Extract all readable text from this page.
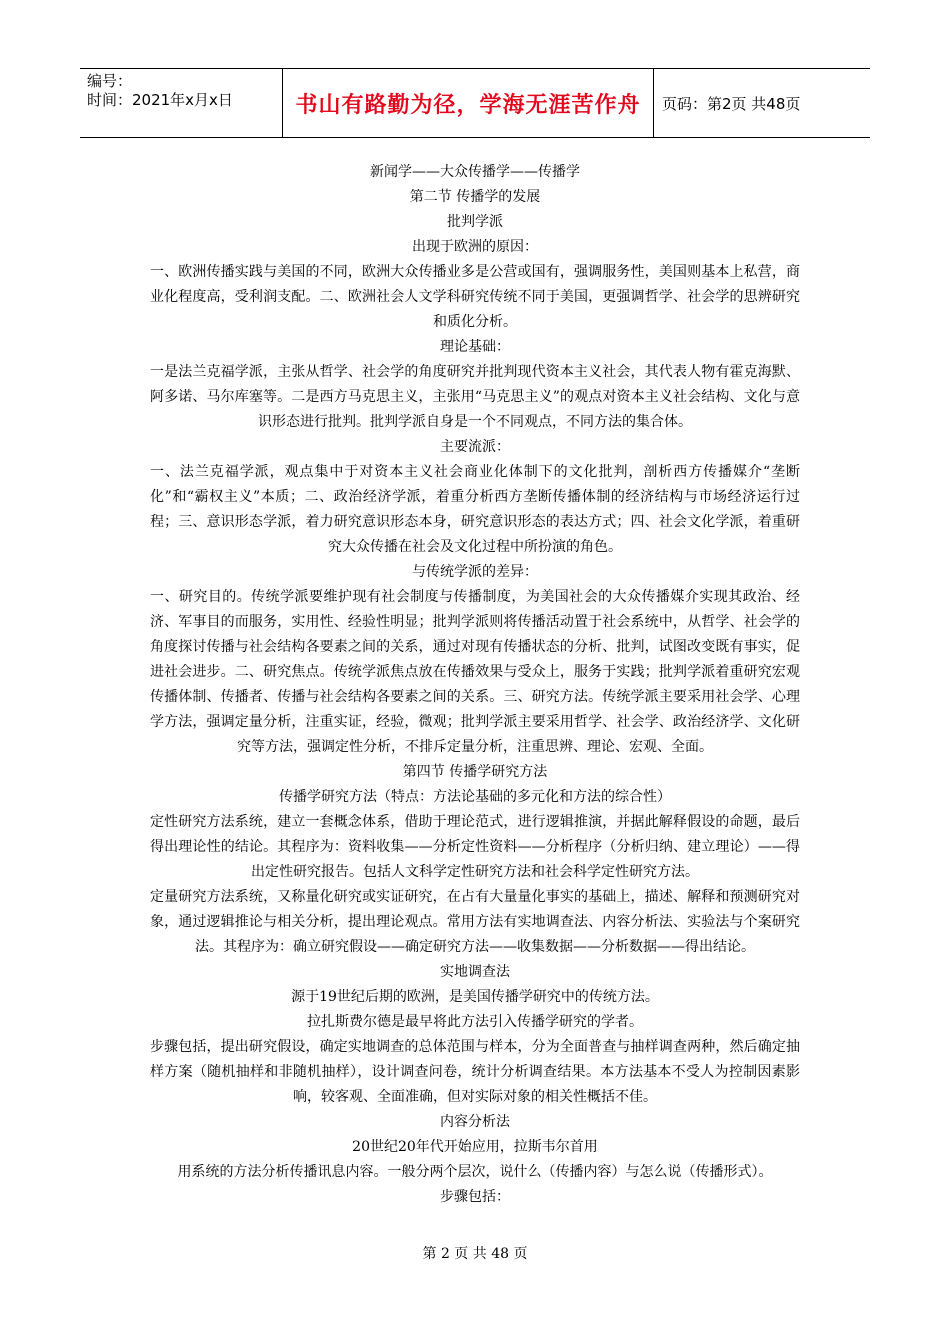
编号：
时间：2021年x月x日	书山有路勤为径，学海无涯苦作舟 页码：第2页 共48页

新闻学——大众传播学——传播学

第二节 传播学的发展

批判学派

出现于欧洲的原因：

一、欧洲传播实践与美国的不同，欧洲大众传播业多是公营或国有，强调服务性，美国则基本上私营，商业化程度高，受利润支配。二、欧洲社会人文学科研究传统不同于美国，更强调哲学、社会学的思辨研究和质化分析。

理论基础：

一是法兰克福学派，主张从哲学、社会学的角度研究并批判现代资本主义社会，其代表人物有霍克海默、阿多诺、马尔库塞等。二是西方马克思主义，主张用“马克思主义”的观点对资本主义社会结构、文化与意识形态进行批判。批判学派自身是一个不同观点，不同方法的集合体。

主要流派：

一、法兰克福学派，观点集中于对资本主义社会商业化体制下的文化批判，剖析西方传播媒介“垄断化”和“霸权主义”本质；二、政治经济学派，着重分析西方垄断传播体制的经济结构与市场经济运行过程；三、意识形态学派，着力研究意识形态本身，研究意识形态的表达方式；四、社会文化学派，着重研究大众传播在社会及文化过程中所扮演的角色。

与传统学派的差异：

一、研究目的。传统学派要维护现有社会制度与传播制度，为美国社会的大众传播媒介实现其政治、经济、军事目的而服务，实用性、经验性明显；批判学派则将传播活动置于社会系统中，从哲学、社会学的角度探讨传播与社会结构各要素之间的关系，通过对现有传播状态的分析、批判，试图改变既有事实，促进社会进步。二、研究焦点。传统学派焦点放在传播效果与受众上，服务于实践；批判学派着重研究宏观传播体制、传播者、传播与社会结构各要素之间的关系。三、研究方法。传统学派主要采用社会学、心理学方法，强调定量分析，注重实证，经验，微观；批判学派主要采用哲学、社会学、政治经济学、文化研究等方法，强调定性分析，不排斥定量分析，注重思辨、理论、宏观、全面。

第四节 传播学研究方法

传播学研究方法（特点：方法论基础的多元化和方法的综合性）

定性研究方法系统，建立一套概念体系，借助于理论范式，进行逻辑推演，并据此解释假设的命题，最后得出理论性的结论。其程序为：资料收集——分析定性资料——分析程序（分析归纳、建立理论）——得出定性研究报告。包括人文科学定性研究方法和社会科学定性研究方法。

定量研究方法系统，又称量化研究或实证研究，在占有大量量化事实的基础上，描述、解释和预测研究对象，通过逻辑推论与相关分析，提出理论观点。常用方法有实地调查法、内容分析法、实验法与个案研究法。其程序为：确立研究假设——确定研究方法——收集数据——分析数据——得出结论。

实地调查法

源于19世纪后期的欧洲，是美国传播学研究中的传统方法。

拉扎斯费尔德是最早将此方法引入传播学研究的学者。

步骤包括，提出研究假设，确定实地调查的总体范围与样本，分为全面普查与抽样调查两种，然后确定抽样方案（随机抽样和非随机抽样），设计调查问卷，统计分析调查结果。本方法基本不受人为控制因素影响，较客观、全面准确，但对实际对象的相关性概括不佳。

内容分析法

20世纪20年代开始应用，拉斯韦尔首用

用系统的方法分析传播讯息内容。一般分两个层次，说什么（传播内容）与怎么说（传播形式）。

步骤包括：

第 2 页 共 48 页
